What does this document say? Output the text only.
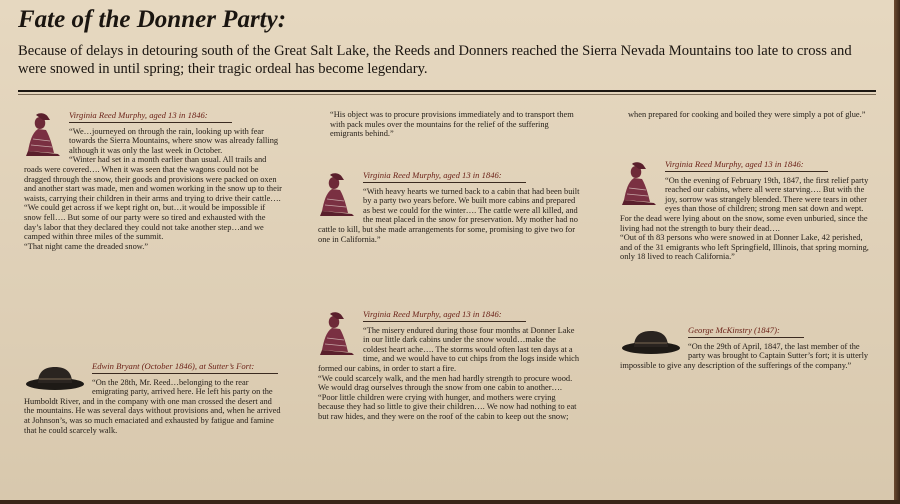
Fate of the Donner Party:

Because of delays in detouring south of the Great Salt Lake, the Reeds and Donners reached the Sierra Nevada Mountains too late to cross and were snowed in until spring; their tragic ordeal has become legendary.

Virginia Reed Murphy, aged 13 in 1846:

“We…journeyed on through the rain, looking up with fear towards the Sierra Mountains, where snow was already falling although it was only the last week in October.

“Winter had set in a month earlier than usual. All trails and roads were covered…. When it was seen that the wagons could not be dragged through the snow, their goods and provisions were packed on oxen and another start was made, men and women working in the snow up to their waists, carrying their children in their arms and trying to drive their cattle….

“We could get across if we kept right on, but…it would be impossible if snow fell…. But some of our party were so tired and exhausted with the day’s labor that they declared they could not take another step…and we camped within three miles of the summit.

“That night came the dreaded snow.”

Edwin Bryant (October 1846), at Sutter’s Fort:

“On the 28th, Mr. Reed…belonging to the rear emigrating party, arrived here. He left his party on the Humboldt River, and in the company with one man crossed the desert and the mountains. He was several days without provisions and, when he arrived at Johnson’s, was so much emaciated and exhausted by fatigue and famine that he could scarcely walk.

“His object was to procure provisions immediately and to transport them with pack mules over the mountains for the relief of the suffering emigrants behind.”

Virginia Reed Murphy, aged 13 in 1846:

“With heavy hearts we turned back to a cabin that had been built by a party two years before. We built more cabins and prepared as best we could for the winter…. The cattle were all killed, and the meat placed in the snow for preservation. My mother had no cattle to kill, but she made arrangements for some, promising to give two for one in California.”

Virginia Reed Murphy, aged 13 in 1846:

“The misery endured during those four months at Donner Lake in our little dark cabins under the snow would…make the coldest heart ache…. The storms would often last ten days at a time, and we would have to cut chips from the logs inside which formed our cabins, in order to start a fire.

“We could scarcely walk, and the men had hardly strength to procure wood. We would drag ourselves through the snow from one cabin to another….

“Poor little children were crying with hunger, and mothers were crying because they had so little to give their children…. We now had nothing to eat but raw hides, and they were on the roof of the cabin to keep out the snow;

when prepared for cooking and boiled they were simply a pot of glue.”

Virginia Reed Murphy, aged 13 in 1846:

“On the evening of February 19th, 1847, the first relief party reached our cabins, where all were starving…. But with the joy, sorrow was strangely blended. There were tears in other eyes than those of children; strong men sat down and wept. For the dead were lying about on the snow, some even unburied, since the living had not the strength to bury their dead….

“Out of th 83 persons who were snowed in at Donner Lake, 42 perished, and of the 31 emigrants who left Springfield, Illinois, that spring morning, only 18 lived to reach California.”

George McKinstry (1847):

“On the 29th of April, 1847, the last member of the party was brought to Captain Sutter’s fort; it is utterly impossible to give any description of the sufferings of the company.”
